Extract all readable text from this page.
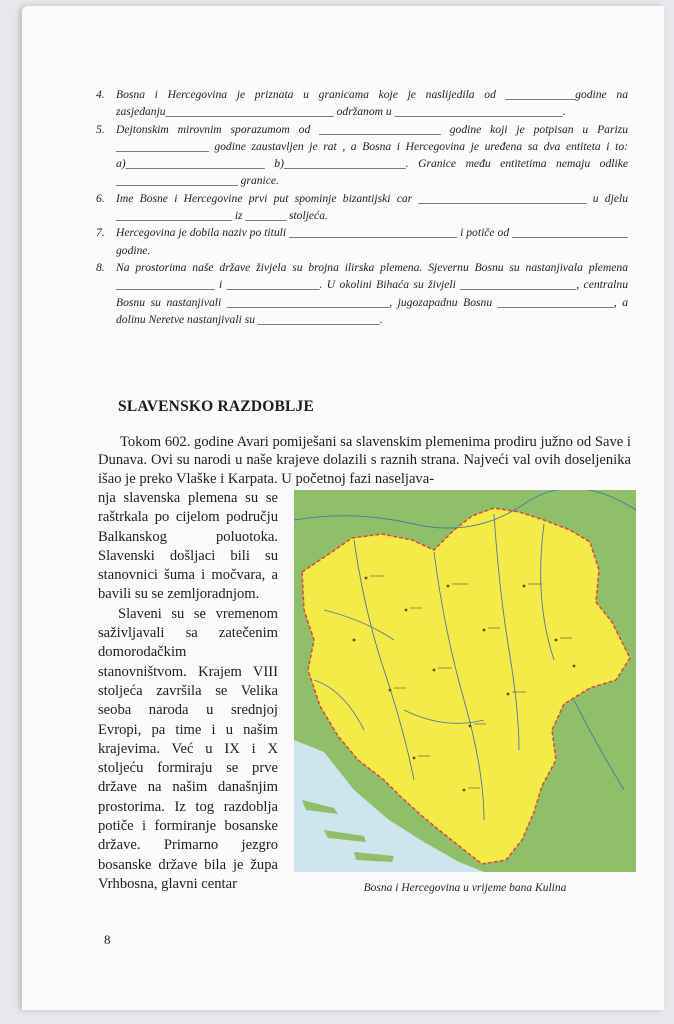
4. Bosna i Hercegovina je priznata u granicama koje je naslijedila od ____________godine na zasjedanju_____________________________ održanom u _____________________________.
5. Dejtonskim mirovnim sporazumom od _____________________ godine koji je potpisan u Parizu ________________ godine zaustavljen je rat , a Bosna i Hercegovina je uređena sa dva entiteta i to: a)________________________ b)_____________________. Granice među entitetima nemaju odlike _____________________ granice.
6. Ime Bosne i Hercegovine prvi put spominje bizantijski car _____________________________ u djelu ____________________ iz _______ stoljeća.
7. Hercegovina je dobila naziv po tituli _____________________________ i potiče od ____________________ godine.
8. Na prostorima naše države živjela su brojna ilirska plemena. Sjevernu Bosnu su nastanjivala plemena _________________ i ________________. U okolini Bihaća su živjeli ____________________, centralnu Bosnu su nastanjivali ____________________________, jugozapadnu Bosnu ____________________, a dolinu Neretve nastanjivali su _____________________.
SLAVENSKO RAZDOBLJE

Tokom 602. godine Avari pomiješani sa slavenskim plemenima prodiru južno od Save i Dunava. Ovi su narodi u naše krajeve dolazili s raznih strana. Najveći val ovih doseljenika išao je preko Vlaške i Karpata. U početnoj fazi naseljava-

nja slavenska plemena su se raštrkala po cijelom području Balkanskog poluotoka. Slavenski došljaci bili su stanovnici šuma i močvara, a bavili su se zemljoradnjom.

Slaveni su se vremenom saživljavali sa zatečenim domorodačkim stanovništvom. Krajem VIII stoljeća završila se Velika seoba naroda u srednjoj Evropi, pa time i u našim krajevima. Već u IX i X stoljeću formiraju se prve države na našim današnjim prostorima. Iz tog razdoblja potiče i formiranje bosanske države. Primarno jezgro bosanske države bila je župa Vrhbosna, glavni centar	Bosna i Hercegovina u vrijeme bana Kulina
8
